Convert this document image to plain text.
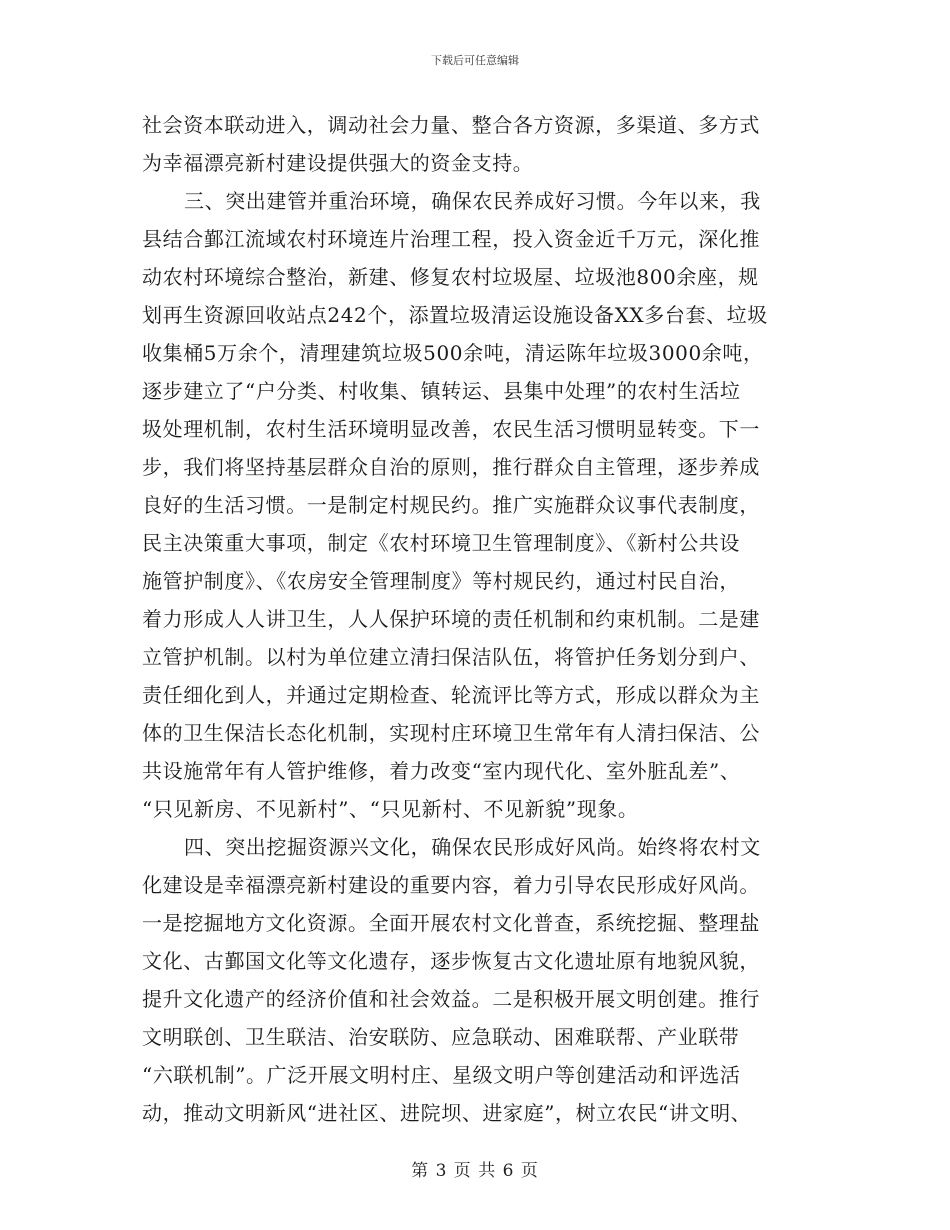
下载后可任意编辑
社会资本联动进入，调动社会力量、整合各方资源，多渠道、多方式
为幸福漂亮新村建设提供强大的资金支持。
三、突出建管并重治环境，确保农民养成好习惯。今年以来，我
县结合鄞江流域农村环境连片治理工程，投入资金近千万元，深化推
动农村环境综合整治，新建、修复农村垃圾屋、垃圾池800余座，规
划再生资源回收站点242个，添置垃圾清运设施设备XX多台套、垃圾
收集桶5万余个，清理建筑垃圾500余吨，清运陈年垃圾3000余吨，
逐步建立了“户分类、村收集、镇转运、县集中处理”的农村生活垃
圾处理机制，农村生活环境明显改善，农民生活习惯明显转变。下一
步，我们将坚持基层群众自治的原则，推行群众自主管理，逐步养成
良好的生活习惯。一是制定村规民约。推广实施群众议事代表制度，
民主决策重大事项，制定《农村环境卫生管理制度》、《新村公共设
施管护制度》、《农房安全管理制度》等村规民约，通过村民自治，
着力形成人人讲卫生，人人保护环境的责任机制和约束机制。二是建
立管护机制。以村为单位建立清扫保洁队伍，将管护任务划分到户、
责任细化到人，并通过定期检查、轮流评比等方式，形成以群众为主
体的卫生保洁长态化机制，实现村庄环境卫生常年有人清扫保洁、公
共设施常年有人管护维修，着力改变“室内现代化、室外脏乱差”、
“只见新房、不见新村”、“只见新村、不见新貌”现象。
四、突出挖掘资源兴文化，确保农民形成好风尚。始终将农村文
化建设是幸福漂亮新村建设的重要内容，着力引导农民形成好风尚。
一是挖掘地方文化资源。全面开展农村文化普查，系统挖掘、整理盐
文化、古鄞国文化等文化遗存，逐步恢复古文化遗址原有地貌风貌，
提升文化遗产的经济价值和社会效益。二是积极开展文明创建。推行
文明联创、卫生联洁、治安联防、应急联动、困难联帮、产业联带
“六联机制”。广泛开展文明村庄、星级文明户等创建活动和评选活
动，推动文明新风“进社区、进院坝、进家庭”，树立农民“讲文明、
第 3 页 共 6 页
